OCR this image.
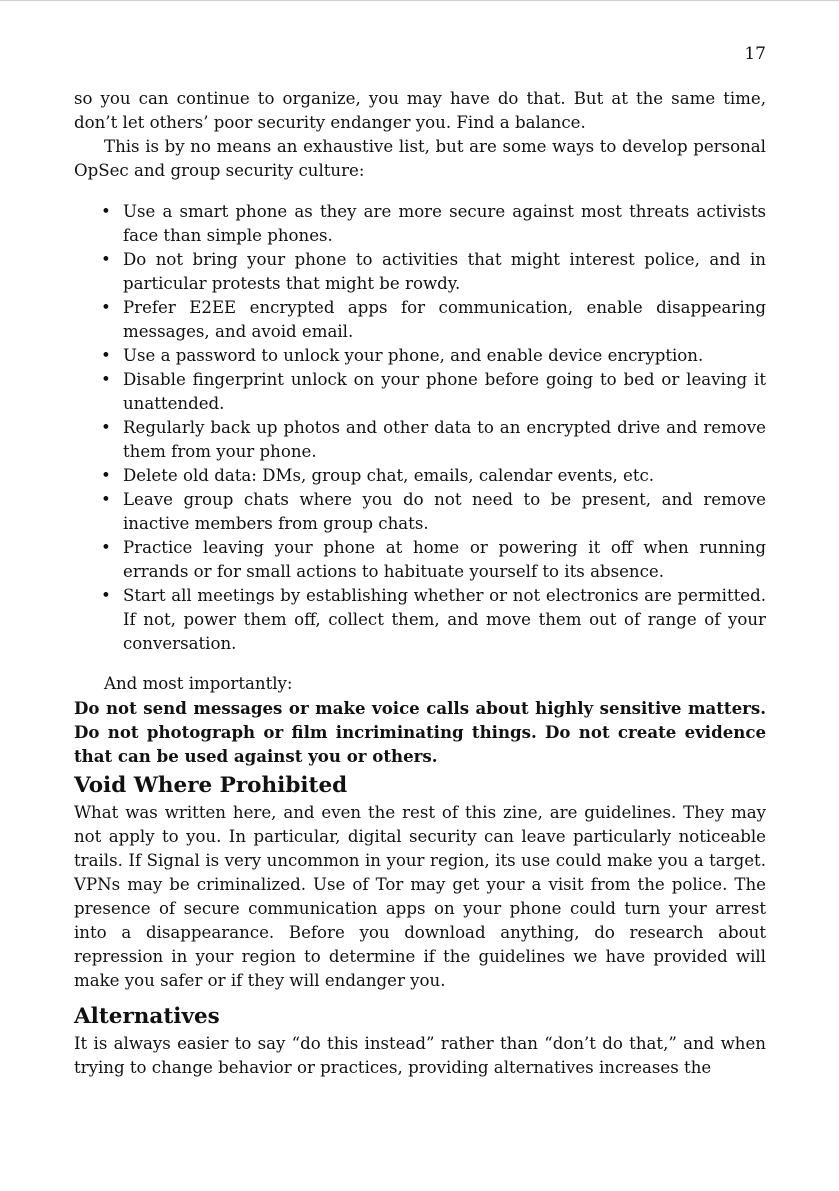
17

so you can continue to organize, you may have do that. But at the same time, don’t let others’ poor security endanger you. Find a balance.

This is by no means an exhaustive list, but are some ways to develop personal OpSec and group security culture:

• Use a smart phone as they are more secure against most threats activists face than simple phones.
• Do not bring your phone to activities that might interest police, and in particular protests that might be rowdy.
• Prefer E2EE encrypted apps for communication, enable disappearing messages, and avoid email.
• Use a password to unlock your phone, and enable device encryption.
• Disable fingerprint unlock on your phone before going to bed or leaving it unattended.
• Regularly back up photos and other data to an encrypted drive and remove them from your phone.
• Delete old data: DMs, group chat, emails, calendar events, etc.
• Leave group chats where you do not need to be present, and remove inactive members from group chats.
• Practice leaving your phone at home or powering it off when running errands or for small actions to habituate yourself to its absence.
• Start all meetings by establishing whether or not electronics are permitted. If not, power them off, collect them, and move them out of range of your conversation.

And most importantly:

Do not send messages or make voice calls about highly sensitive matters. Do not photograph or film incriminating things. Do not create evidence that can be used against you or others.

Void Where Prohibited

What was written here, and even the rest of this zine, are guidelines. They may not apply to you. In particular, digital security can leave particularly noticeable trails. If Signal is very uncommon in your region, its use could make you a target. VPNs may be criminalized. Use of Tor may get your a visit from the police. The presence of secure communication apps on your phone could turn your arrest into a disappearance. Before you download anything, do research about repression in your region to determine if the guidelines we have provided will make you safer or if they will endanger you.

Alternatives

It is always easier to say “do this instead” rather than “don’t do that,” and when trying to change behavior or practices, providing alternatives increases the
